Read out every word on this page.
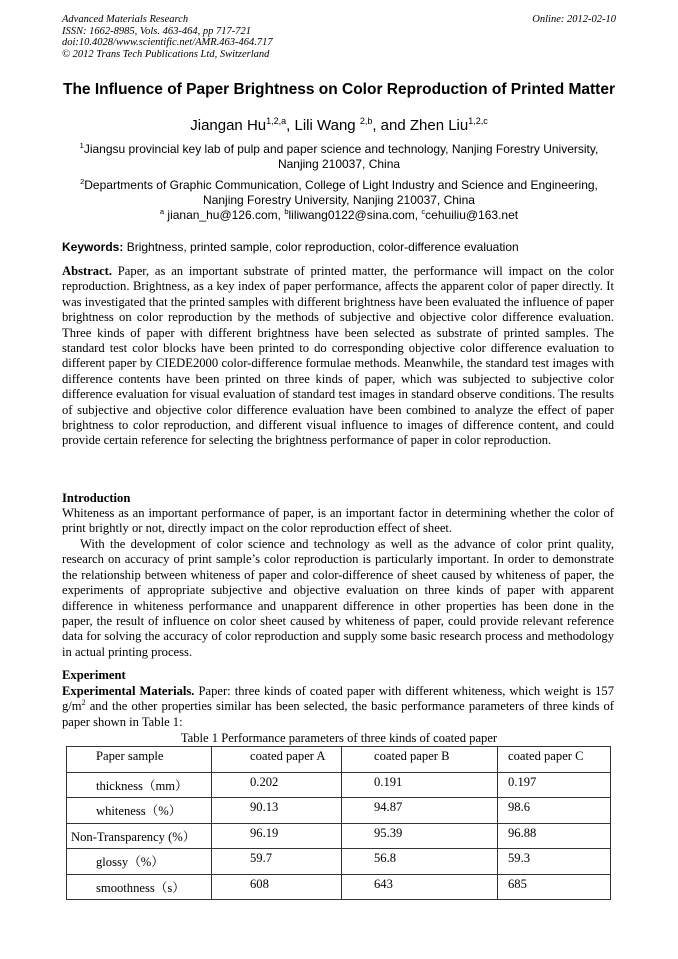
Advanced Materials Research
ISSN: 1662-8985, Vols. 463-464, pp 717-721
doi:10.4028/www.scientific.net/AMR.463-464.717
© 2012 Trans Tech Publications Ltd, Switzerland
Online: 2012-02-10
The Influence of Paper Brightness on Color Reproduction of Printed Matter
Jiangan Hu$^{1,2,a}$, Lili Wang $^{2,b}$, and Zhen Liu$^{1,2,c}$
$^1$Jiangsu provincial key lab of pulp and paper science and technology, Nanjing Forestry University,
Nanjing 210037, China
$^2$Departments of Graphic Communication, College of Light Industry and Science and Engineering,
Nanjing Forestry University, Nanjing 210037, China
$^a$ jianan_hu@126.com, $^b$liliwang0122@sina.com, $^c$cehuiliu@163.net
Keywords: Brightness, printed sample, color reproduction, color-difference evaluation
Abstract. Paper, as an important substrate of printed matter, the performance will impact on the color reproduction. Brightness, as a key index of paper performance, affects the apparent color of paper directly. It was investigated that the printed samples with different brightness have been evaluated the influence of paper brightness on color reproduction by the methods of subjective and objective color difference evaluation. Three kinds of paper with different brightness have been selected as substrate of printed samples. The standard test color blocks have been printed to do corresponding objective color difference evaluation to different paper by CIEDE2000 color-difference formulae methods. Meanwhile, the standard test images with difference contents have been printed on three kinds of paper, which was subjected to subjective color difference evaluation for visual evaluation of standard test images in standard observe conditions. The results of subjective and objective color difference evaluation have been combined to analyze the effect of paper brightness to color reproduction, and different visual influence to images of difference content, and could provide certain reference for selecting the brightness performance of paper in color reproduction.
Introduction
Whiteness as an important performance of paper, is an important factor in determining whether the color of print brightly or not, directly impact on the color reproduction effect of sheet.
With the development of color science and technology as well as the advance of color print quality, research on accuracy of print sample’s color reproduction is particularly important. In order to demonstrate the relationship between whiteness of paper and color-difference of sheet caused by whiteness of paper, the experiments of appropriate subjective and objective evaluation on three kinds of paper with apparent difference in whiteness performance and unapparent difference in other properties has been done in the paper, the result of influence on color sheet caused by whiteness of paper, could provide relevant reference data for solving the accuracy of color reproduction and supply some basic research process and methodology in actual printing process.
Experiment
Experimental Materials. Paper: three kinds of coated paper with different whiteness, which weight is 157 $g/m^2$ and the other properties similar has been selected, the basic performance parameters of three kinds of paper shown in Table 1:
Table 1 Performance parameters of three kinds of coated paper
Paper sample	coated paper A	coated paper B	coated paper C
thickness（mm）	0.202	0.191	0.197
whiteness（%）	90.13	94.87	98.6
Non-Transparency (%）	96.19	95.39	96.88
glossy（%）	59.7	56.8	59.3
smoothness（s）	608	643	685
